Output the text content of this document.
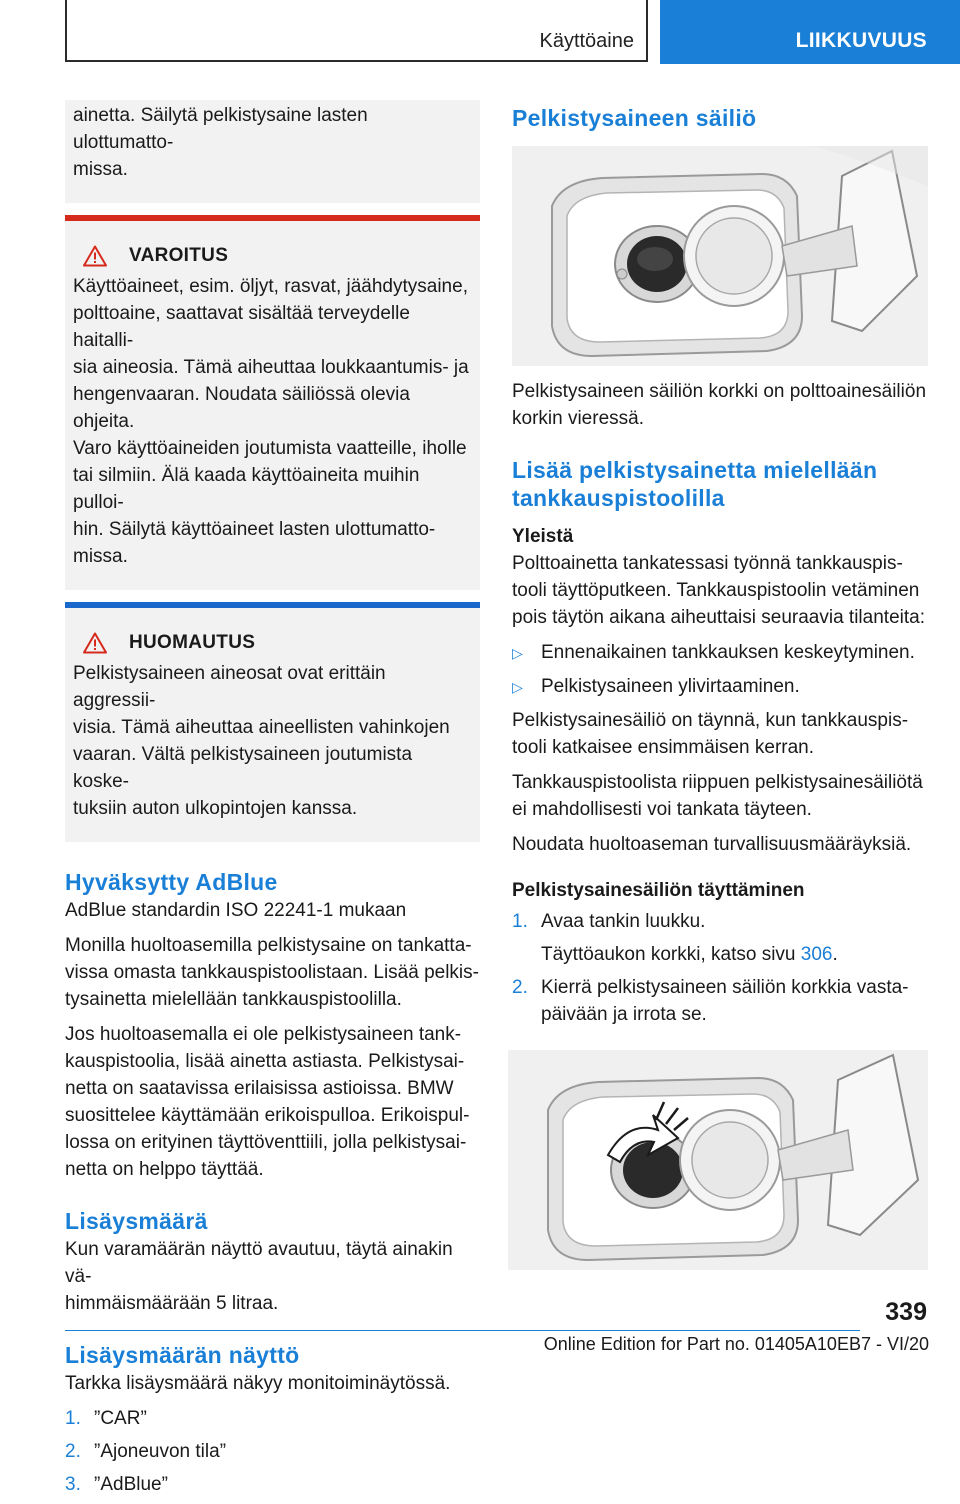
Käyttöaine	LIIKKUVUUS

ainetta. Säilytä pelkistysaine lasten ulottumatto-

missa.

VAROITUS

Käyttöaineet, esim. öljyt, rasvat, jäähdytysaine,

polttoaine, saattavat sisältää terveydelle haitalli-

sia aineosia. Tämä aiheuttaa loukkaantumis- ja

hengenvaaran. Noudata säiliössä olevia ohjeita.

Varo käyttöaineiden joutumista vaatteille, iholle

tai silmiin. Älä kaada käyttöaineita muihin pulloi-

hin. Säilytä käyttöaineet lasten ulottumatto-

missa.

HUOMAUTUS

Pelkistysaineen aineosat ovat erittäin aggressii-

visia. Tämä aiheuttaa aineellisten vahinkojen

vaaran. Vältä pelkistysaineen joutumista koske-

tuksiin auton ulkopintojen kanssa.

Hyväksytty AdBlue

AdBlue standardin ISO 22241-1 mukaan

Monilla huoltoasemilla pelkistysaine on tankatta-

vissa omasta tankkauspistoolistaan. Lisää pelkis-

tysainetta mielellään tankkauspistoolilla.

Jos huoltoasemalla ei ole pelkistysaineen tank-

kauspistoolia, lisää ainetta astiasta. Pelkistysai-

netta on saatavissa erilaisissa astioissa. BMW

suosittelee käyttämään erikoispulloa. Erikoispul-

lossa on erityinen täyttöventtiili, jolla pelkistysai-

netta on helppo täyttää.

Lisäysmäärä

Kun varamäärän näyttö avautuu, täytä ainakin vä-

himmäismäärään 5 litraa.

Lisäysmäärän näyttö

Tarkka lisäysmäärä näkyy monitoiminäytössä.

1. ”CAR”
2. ”Ajoneuvon tila”
3. ”AdBlue”
Pelkistysaineen säiliö

Pelkistysaineen säiliön korkki on polttoainesäiliön

korkin vieressä.

Lisää pelkistysainetta mielellään
tankkauspistoolilla
Yleistä

Polttoainetta tankatessasi työnnä tankkauspis-

tooli täyttöputkeen. Tankkauspistoolin vetäminen

pois täytön aikana aiheuttaisi seuraavia tilanteita:

▷ Ennenaikainen tankkauksen keskeytyminen.
▷ Pelkistysaineen ylivirtaaminen.

Pelkistysainesäiliö on täynnä, kun tankkauspis-

tooli katkaisee ensimmäisen kerran.

Tankkauspistoolista riippuen pelkistysainesäiliötä

ei mahdollisesti voi tankata täyteen.

Noudata huoltoaseman turvallisuusmääräyksiä.

Pelkistysainesäiliön täyttäminen
1. Avaa tankin luukku.
Täyttöaukon korkki, katso sivu 306.
2. Kierrä pelkistysaineen säiliön korkkia vasta-
päivään ja irrota se.
339
Online Edition for Part no. 01405A10EB7 - VI/20
